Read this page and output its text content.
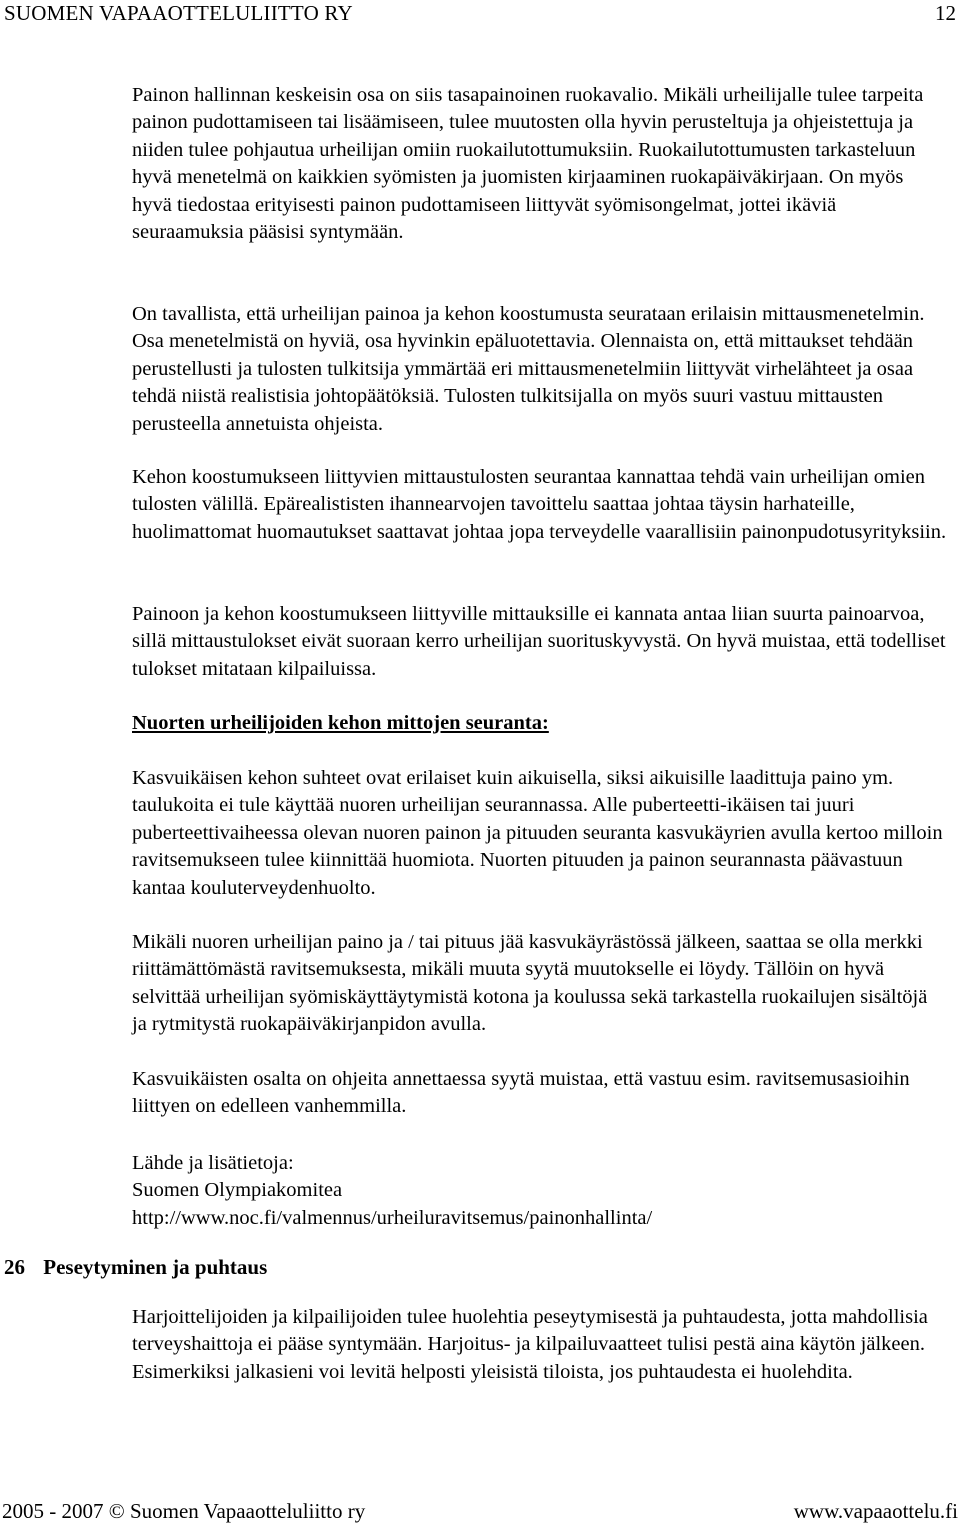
SUOMEN VAPAAOTTELULIITTO RY	12

Painon hallinnan keskeisin osa on siis tasapainoinen ruokavalio. Mikäli urheilijalle tulee tarpeita painon pudottamiseen tai lisäämiseen, tulee muutosten olla hyvin perusteltuja ja ohjeistettuja ja niiden tulee pohjautua urheilijan omiin ruokailutottumuksiin. Ruokailutottumusten tarkasteluun hyvä menetelmä on kaikkien syömisten ja juomisten kirjaaminen ruokapäiväkirjaan. On myös hyvä tiedostaa erityisesti painon pudottamiseen liittyvät syömisongelmat, jottei ikäviä seuraamuksia pääsisi syntymään.

On tavallista, että urheilijan painoa ja kehon koostumusta seurataan erilaisin mittausmenetelmin. Osa menetelmistä on hyviä, osa hyvinkin epäluotettavia. Olennaista on, että mittaukset tehdään perustellusti ja tulosten tulkitsija ymmärtää eri mittausmenetelmiin liittyvät virhelähteet ja osaa tehdä niistä realistisia johtopäätöksiä. Tulosten tulkitsijalla on myös suuri vastuu mittausten perusteella annetuista ohjeista.

Kehon koostumukseen liittyvien mittaustulosten seurantaa kannattaa tehdä vain urheilijan omien tulosten välillä. Epärealististen ihannearvojen tavoittelu saattaa johtaa täysin harhateille, huolimattomat huomautukset saattavat johtaa jopa terveydelle vaarallisiin painonpudotusyrityksiin.

Painoon ja kehon koostumukseen liittyville mittauksille ei kannata antaa liian suurta painoarvoa, sillä mittaustulokset eivät suoraan kerro urheilijan suorituskyvystä. On hyvä muistaa, että todelliset tulokset mitataan kilpailuissa.

Nuorten urheilijoiden kehon mittojen seuranta:

Kasvuikäisen kehon suhteet ovat erilaiset kuin aikuisella, siksi aikuisille laadittuja paino ym. taulukoita ei tule käyttää nuoren urheilijan seurannassa. Alle puberteetti-ikäisen tai juuri puberteettivaiheessa olevan nuoren painon ja pituuden seuranta kasvukäyrien avulla kertoo milloin ravitsemukseen tulee kiinnittää huomiota. Nuorten pituuden ja painon seurannasta päävastuun kantaa kouluterveydenhuolto.

Mikäli nuoren urheilijan paino ja / tai pituus jää kasvukäyrästössä jälkeen, saattaa se olla merkki riittämättömästä ravitsemuksesta, mikäli muuta syytä muutokselle ei löydy. Tällöin on hyvä selvittää urheilijan syömiskäyttäytymistä kotona ja koulussa sekä tarkastella ruokailujen sisältöjä ja rytmitystä ruokapäiväkirjanpidon avulla.

Kasvuikäisten osalta on ohjeita annettaessa syytä muistaa, että vastuu esim. ravitsemusasioihin liittyen on edelleen vanhemmilla.

Lähde ja lisätietoja:
Suomen Olympiakomitea
http://www.noc.fi/valmennus/urheiluravitsemus/painonhallinta/
26 Peseytyminen ja puhtaus

Harjoittelijoiden ja kilpailijoiden tulee huolehtia peseytymisestä ja puhtaudesta, jotta mahdollisia terveyshaittoja ei pääse syntymään. Harjoitus- ja kilpailuvaatteet tulisi pestä aina käytön jälkeen. Esimerkiksi jalkasieni voi levitä helposti yleisistä tiloista, jos puhtaudesta ei huolehdita.

2005 - 2007 © Suomen Vapaaotteluliitto ry	www.vapaaottelu.fi
